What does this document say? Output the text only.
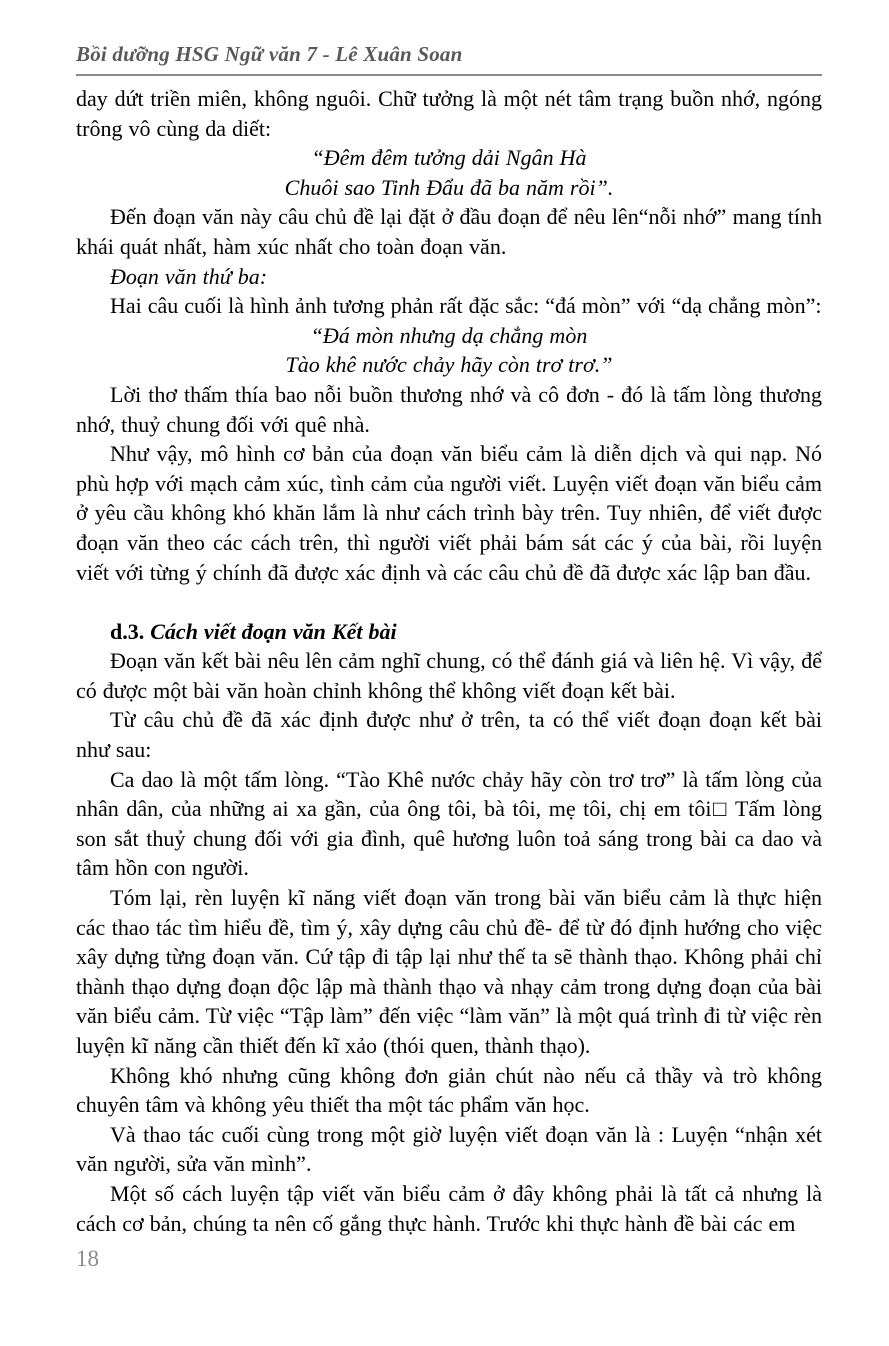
Bồi dưỡng HSG Ngữ văn 7 - Lê Xuân Soan

day dứt triền miên, không nguôi. Chữ tưởng là một nét tâm trạng buồn nhớ, ngóng trông vô cùng da diết:

“Đêm đêm tưởng dải Ngân Hà

Chuôi sao Tinh Đẩu đã ba năm rồi”.

Đến đoạn văn này câu chủ đề lại đặt ở đầu đoạn để nêu lên“nỗi nhớ” mang tính khái quát nhất, hàm xúc nhất cho toàn đoạn văn.

Đoạn văn thứ ba:

Hai câu cuối là hình ảnh tương phản rất đặc sắc: “đá mòn” với “dạ chẳng mòn”:

“Đá mòn nhưng dạ chẳng mòn

Tào khê nước chảy hãy còn trơ trơ.”

Lời thơ thấm thía bao nỗi buồn thương nhớ và cô đơn - đó là tấm lòng thương nhớ, thuỷ chung đối với quê nhà.

Như vậy, mô hình cơ bản của đoạn văn biểu cảm là diễn dịch và qui nạp. Nó phù hợp với mạch cảm xúc, tình cảm của người viết. Luyện viết đoạn văn biểu cảm ở yêu cầu không khó khăn lắm là như cách trình bày trên. Tuy nhiên, để viết được đoạn văn theo các cách trên, thì người viết phải bám sát các ý của bài, rồi luyện viết với từng ý chính đã được xác định và các câu chủ đề đã được xác lập ban đầu.

d.3. Cách viết đoạn văn Kết bài

Đoạn văn kết bài nêu lên cảm nghĩ chung, có thể đánh giá và liên hệ. Vì vậy, để có được một bài văn hoàn chỉnh không thể không viết đoạn kết bài.

Từ câu chủ đề đã xác định được như ở trên, ta có thể viết đoạn đoạn kết bài như sau:

Ca dao là một tấm lòng. “Tào Khê nước chảy hãy còn trơ trơ” là tấm lòng của nhân dân, của những ai xa gần, của ông tôi, bà tôi, mẹ tôi, chị em tôi□ Tấm lòng son sắt thuỷ chung đối với gia đình, quê hương luôn toả sáng trong bài ca dao và tâm hồn con người.

Tóm lại, rèn luyện kĩ năng viết đoạn văn trong bài văn biểu cảm là thực hiện các thao tác tìm hiểu đề, tìm ý, xây dựng câu chủ đề- để từ đó định hướng cho việc xây dựng từng đoạn văn. Cứ tập đi tập lại như thế ta sẽ thành thạo. Không phải chỉ thành thạo dựng đoạn độc lập mà thành thạo và nhạy cảm trong dựng đoạn của bài văn biểu cảm. Từ việc “Tập làm” đến việc “làm văn” là một quá trình đi từ việc rèn luyện kĩ năng cần thiết đến kĩ xảo (thói quen, thành thạo).

Không khó nhưng cũng không đơn giản chút nào nếu cả thầy và trò không chuyên tâm và không yêu thiết tha một tác phẩm văn học.

Và thao tác cuối cùng trong một giờ luyện viết đoạn văn là : Luyện “nhận xét văn người, sửa văn mình”.

Một số cách luyện tập viết văn biểu cảm ở đây không phải là tất cả nhưng là cách cơ bản, chúng ta nên cố gắng thực hành. Trước khi thực hành đề bài các em

18
